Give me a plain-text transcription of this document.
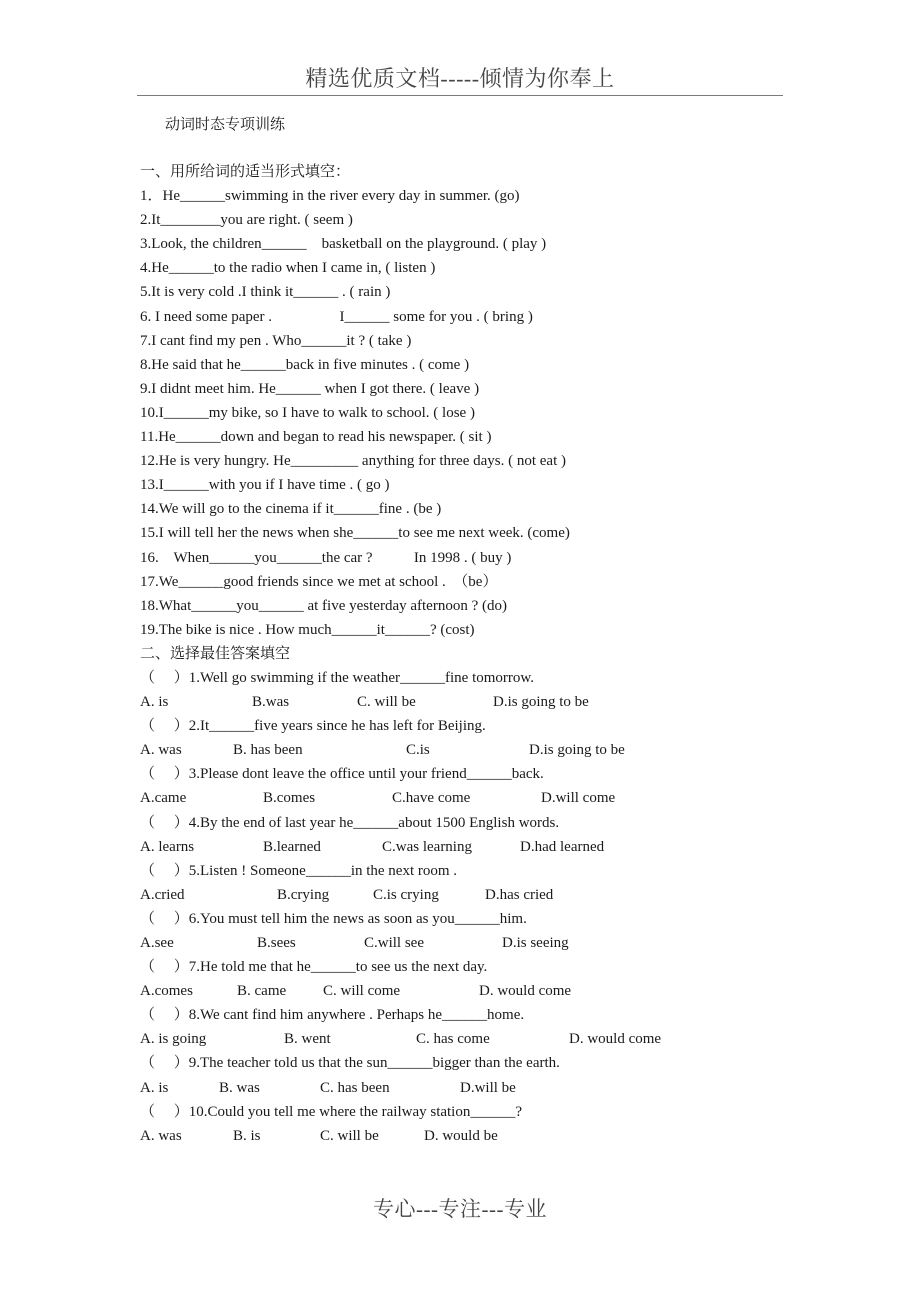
精选优质文档-----倾情为你奉上
动词时态专项训练
一、用所给词的适当形式填空：
1．He______swimming in the river every day in summer. (go)
2.It________you are right. ( seem )
3.Look, the children______    basketball on the playground. ( play )
4.He______to the radio when I came in, ( listen )
5.It is very cold .I think it______ . ( rain )
6. I need some paper .                  I______ some for you . ( bring )
7.I cant find my pen . Who______it ? ( take )
8.He said that he______back in five minutes . ( come )
9.I didnt meet him. He______ when I got there. ( leave )
10.I______my bike, so I have to walk to school. ( lose )
11.He______down and began to read his newspaper. ( sit )
12.He is very hungry. He_________ anything for three days. ( not eat )
13.I______with you if I have time . ( go )
14.We will go to the cinema if it______fine . (be )
15.I will tell her the news when she______to see me next week. (come)
16.    When______you______the car ?           In 1998 . ( buy )
17.We______good friends since we met at school .  （be）
18.What______you______ at five yesterday afternoon ? (do)
19.The bike is nice . How much______it______? (cost)
二、选择最佳答案填空
（     ）1.Well go swimming if the weather______fine tomorrow.
A. is	B.was	C. will be	D.is going to be
（     ）2.It______five years since he has left for Beijing.
A. was	B. has been	C.is	D.is going to be
（     ）3.Please dont leave the office until your friend______back.
A.came	B.comes	C.have come	D.will come
（     ）4.By the end of last year he______about 1500 English words.
A. learns	B.learned	C.was learning	D.had learned
（     ）5.Listen ! Someone______in the next room .
A.cried	B.crying	C.is crying	D.has cried
（     ）6.You must tell him the news as soon as you______him.
A.see	B.sees	C.will see	D.is seeing
（     ）7.He told me that he______to see us the next day.
A.comes	B. came C. will come	D. would come
（     ）8.We cant find him anywhere . Perhaps he______home.
A. is going	B. went	C. has come	D. would come
（     ）9.The teacher told us that the sun______bigger than the earth.
A. is	B. was	C. has been	D.will be
（     ）10.Could you tell me where the railway station______?
A. was	B. is	C. will be	D. would be
专心---专注---专业
